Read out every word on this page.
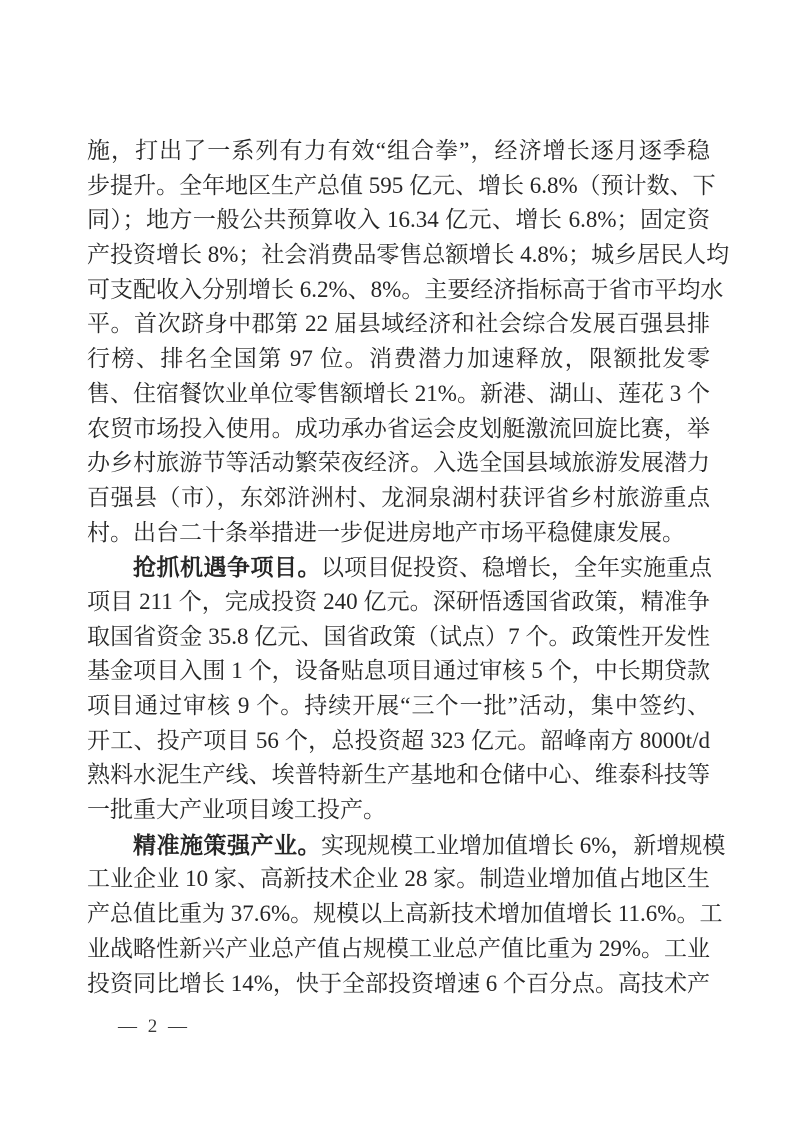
施，打出了一系列有力有效“组合拳”，经济增长逐月逐季稳
步提升。全年地区生产总值 595 亿元、增长 6.8%（预计数、下
同）；地方一般公共预算收入 16.34 亿元、增长 6.8%；固定资
产投资增长 8%；社会消费品零售总额增长 4.8%；城乡居民人均
可支配收入分别增长 6.2%、8%。主要经济指标高于省市平均水
平。首次跻身中郡第 22 届县域经济和社会综合发展百强县排
行榜、排名全国第 97 位。消费潜力加速释放，限额批发零
售、住宿餐饮业单位零售额增长 21%。新港、湖山、莲花 3 个
农贸市场投入使用。成功承办省运会皮划艇激流回旋比赛，举
办乡村旅游节等活动繁荣夜经济。入选全国县域旅游发展潜力
百强县（市），东郊浒洲村、龙洞泉湖村获评省乡村旅游重点
村。出台二十条举措进一步促进房地产市场平稳健康发展。
抢抓机遇争项目。以项目促投资、稳增长，全年实施重点
项目 211 个，完成投资 240 亿元。深研悟透国省政策，精准争
取国省资金 35.8 亿元、国省政策（试点）7 个。政策性开发性
基金项目入围 1 个，设备贴息项目通过审核 5 个，中长期贷款
项目通过审核 9 个。持续开展“三个一批”活动，集中签约、
开工、投产项目 56 个，总投资超 323 亿元。韶峰南方 8000t/d
熟料水泥生产线、埃普特新生产基地和仓储中心、维泰科技等
一批重大产业项目竣工投产。
精准施策强产业。实现规模工业增加值增长 6%，新增规模
工业企业 10 家、高新技术企业 28 家。制造业增加值占地区生
产总值比重为 37.6%。规模以上高新技术增加值增长 11.6%。工
业战略性新兴产业总产值占规模工业总产值比重为 29%。工业
投资同比增长 14%，快于全部投资增速 6 个百分点。高技术产
— 2 —
